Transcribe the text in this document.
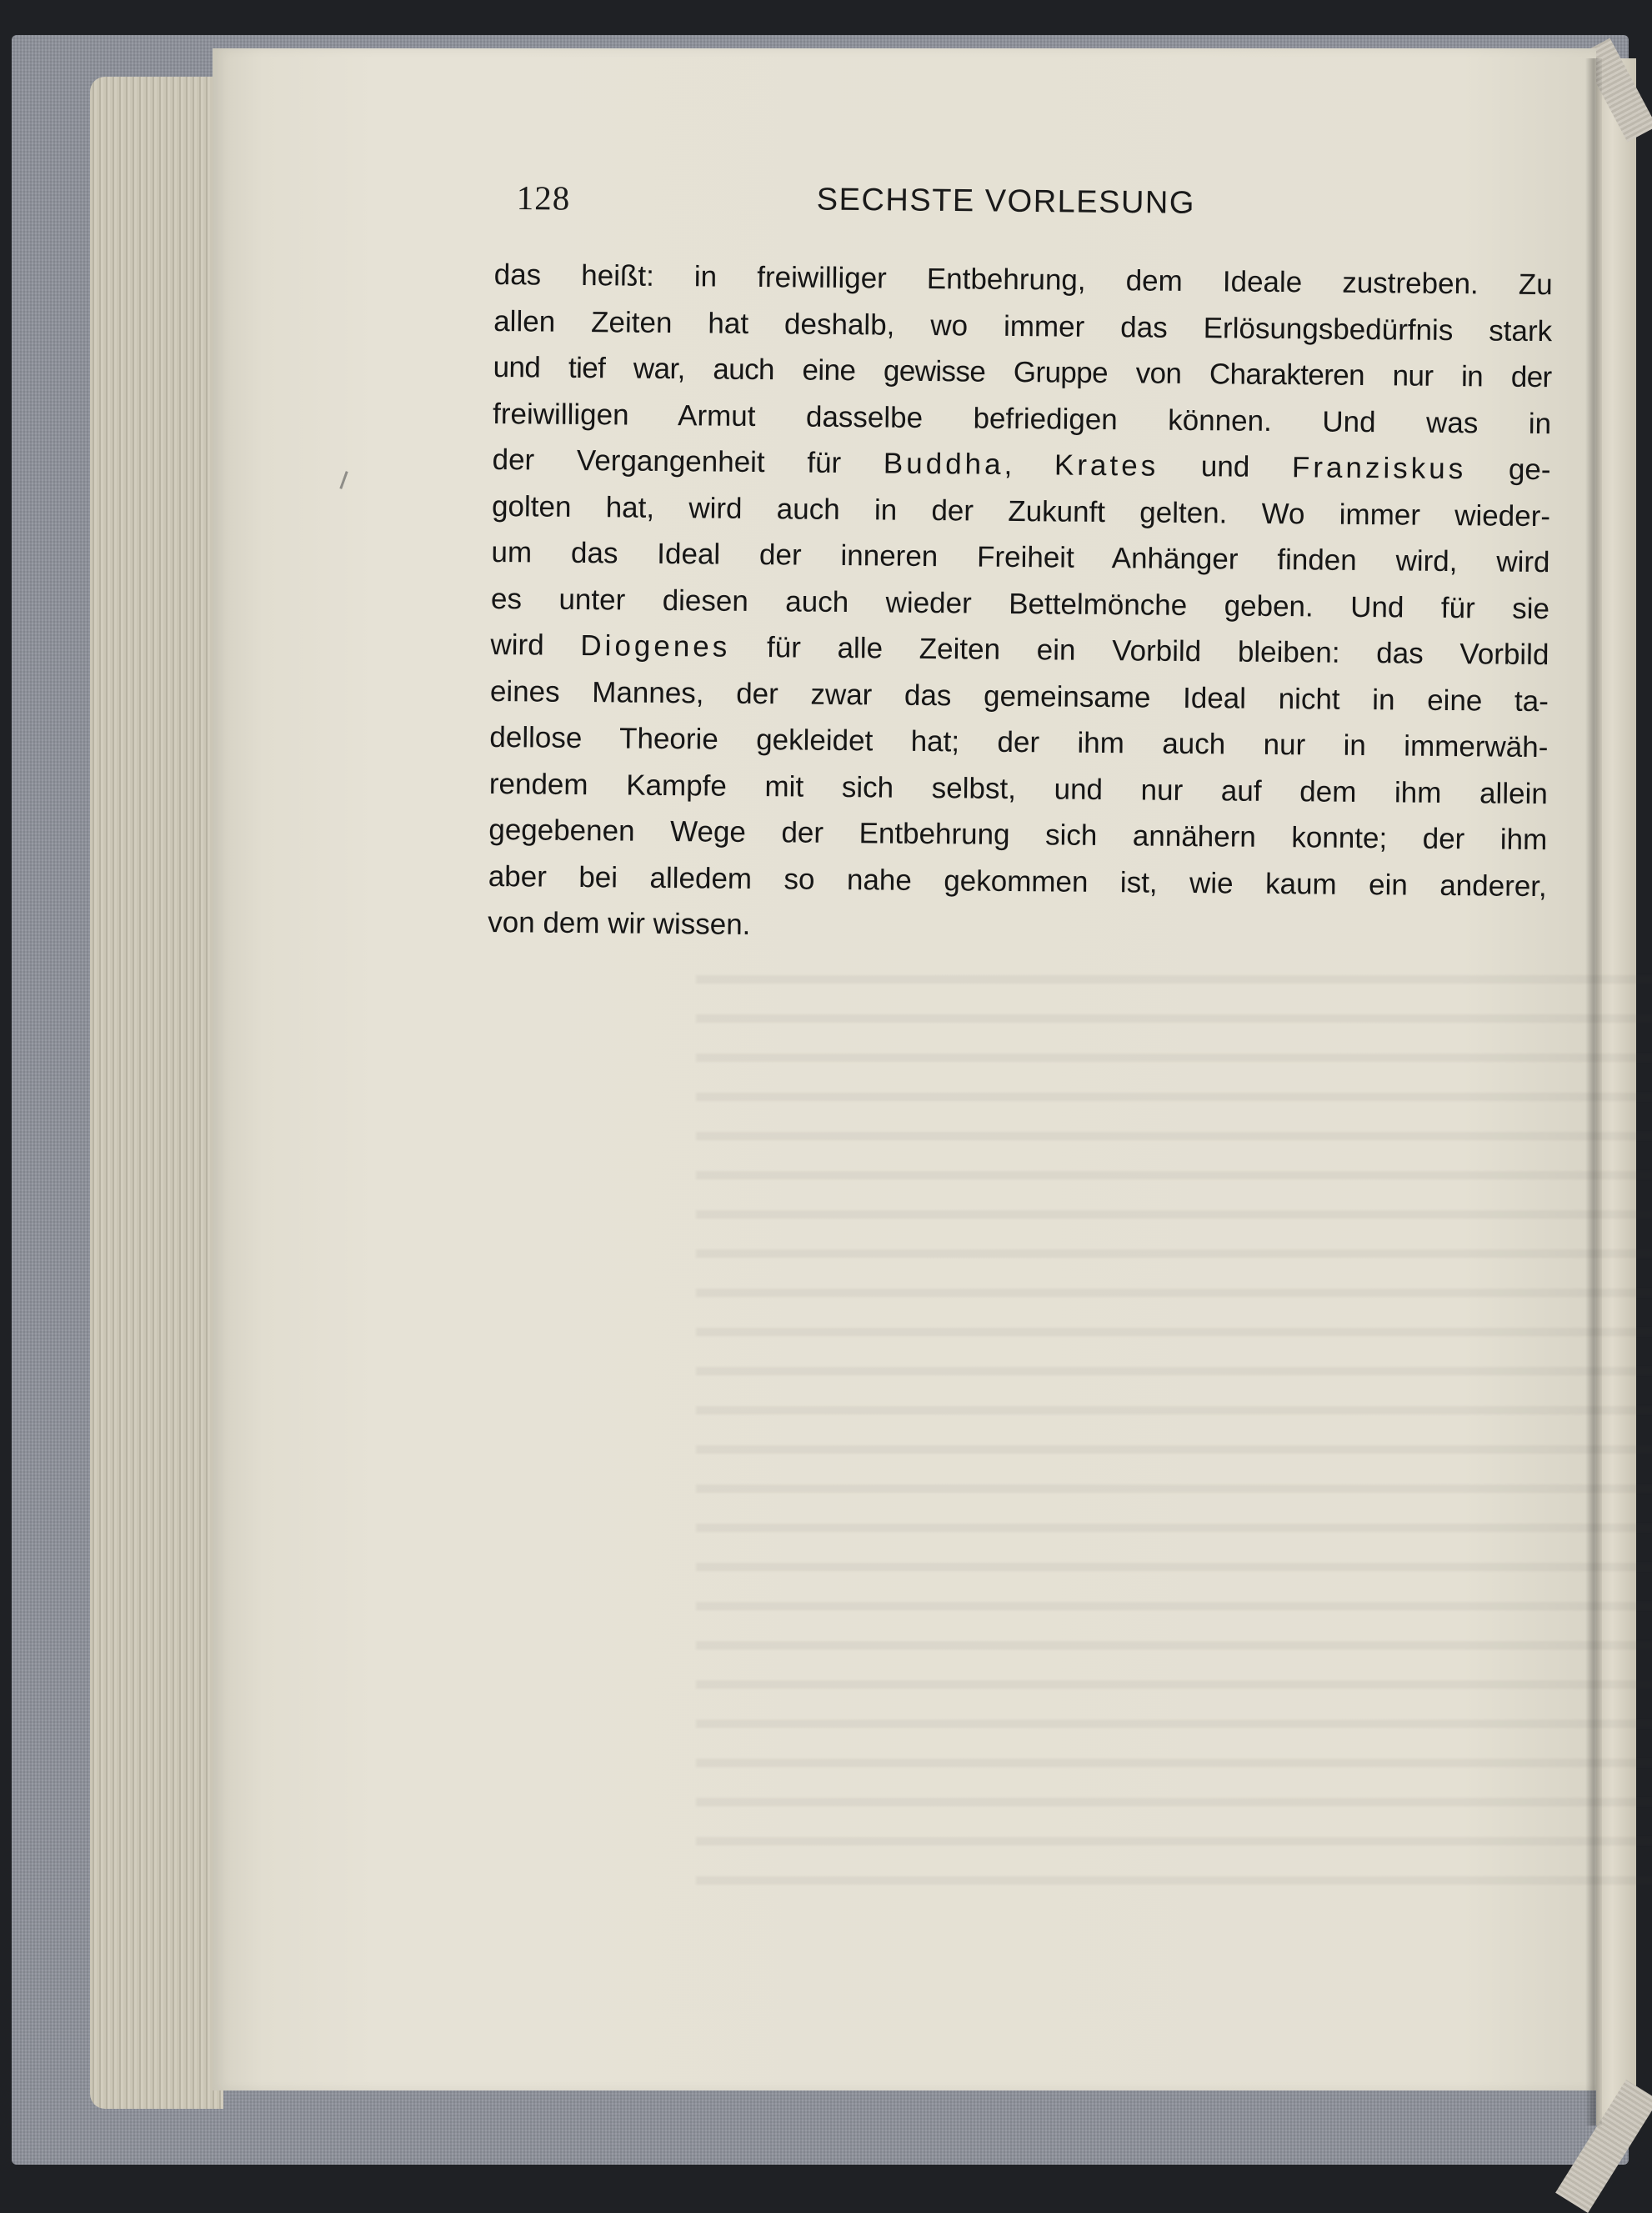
128	SECHSTE VORLESUNG
das heißt: in freiwilliger Entbehrung, dem Ideale zustreben. Zu
allen Zeiten hat deshalb, wo immer das Erlösungsbedürfnis stark
und tief war, auch eine gewisse Gruppe von Charakteren nur in der
freiwilligen Armut dasselbe befriedigen können. Und was in
der Vergangenheit für Buddha, Krates und Franziskus ge-
golten hat, wird auch in der Zukunft gelten. Wo immer wieder-
um das Ideal der inneren Freiheit Anhänger finden wird, wird
es unter diesen auch wieder Bettelmönche geben. Und für sie
wird Diogenes für alle Zeiten ein Vorbild bleiben: das Vorbild
eines Mannes, der zwar das gemeinsame Ideal nicht in eine ta-
dellose Theorie gekleidet hat; der ihm auch nur in immerwäh-
rendem Kampfe mit sich selbst, und nur auf dem ihm allein
gegebenen Wege der Entbehrung sich annähern konnte; der ihm
aber bei alledem so nahe gekommen ist, wie kaum ein anderer,
von dem wir wissen.
